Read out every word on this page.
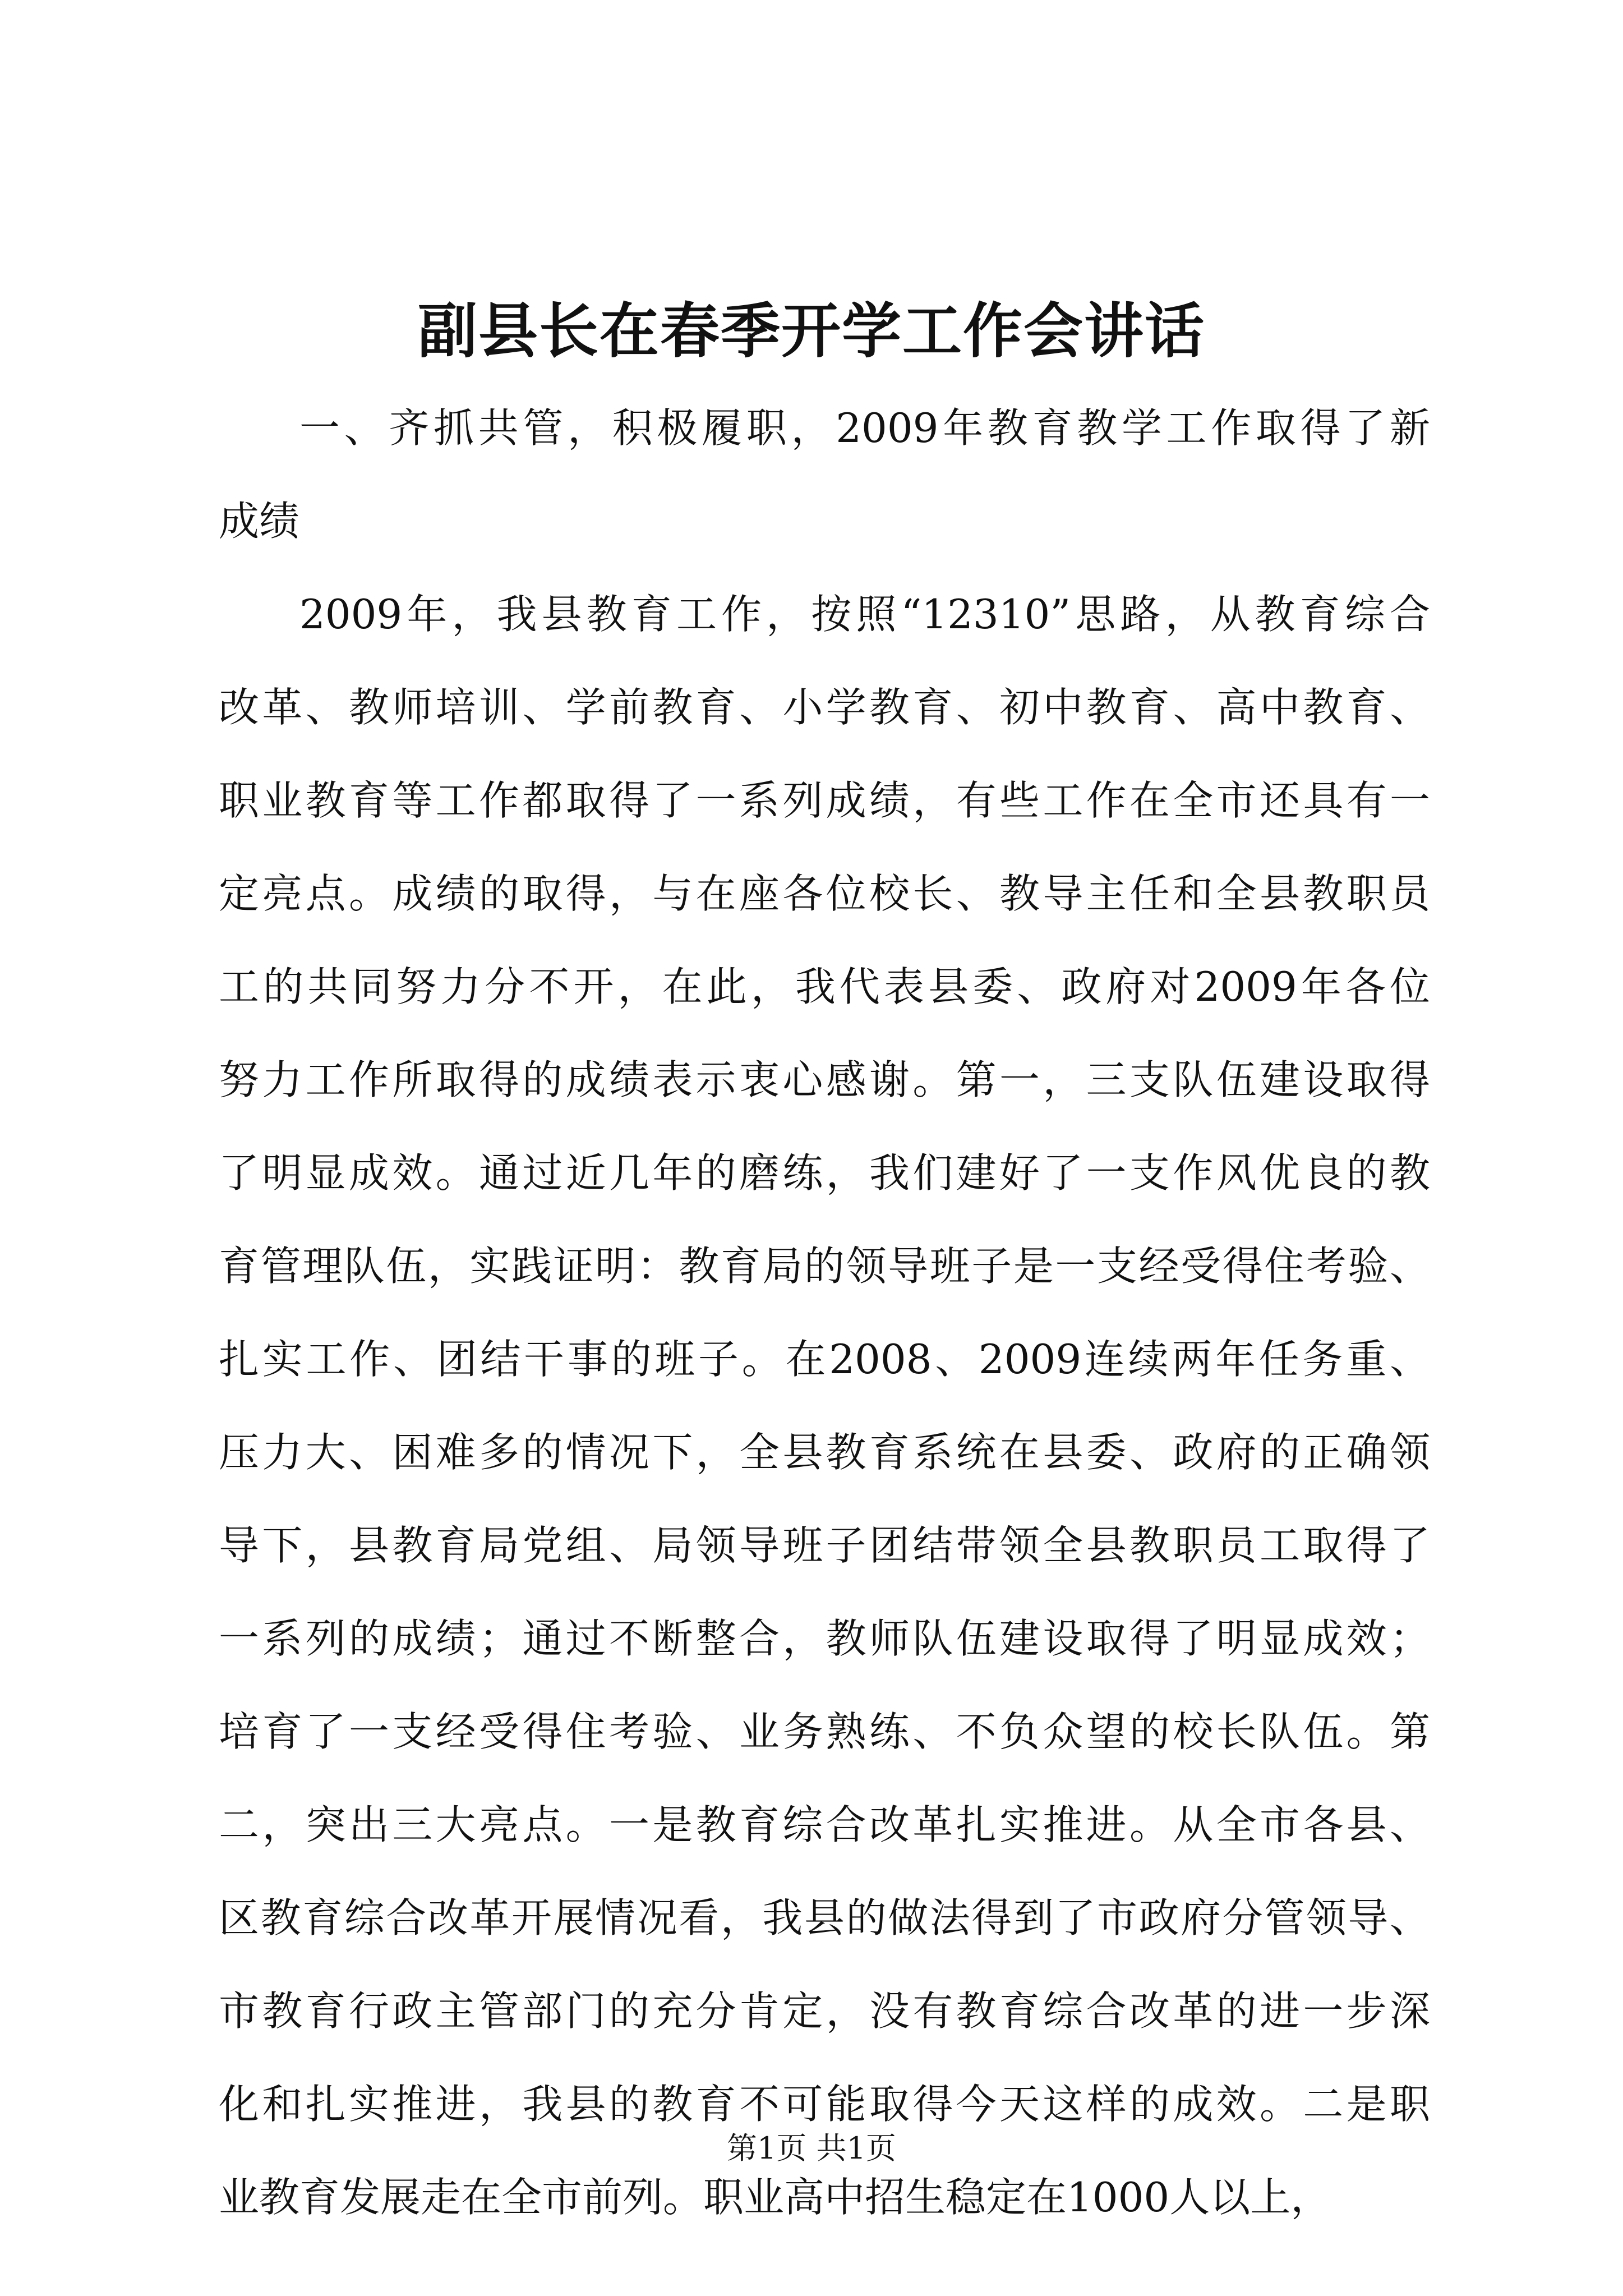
副县长在春季开学工作会讲话
一、齐抓共管，积极履职，2009年教育教学工作取得了新
成绩
2009年，我县教育工作，按照“12310”思路，从教育综合
改革、教师培训、学前教育、小学教育、初中教育、高中教育、
职业教育等工作都取得了一系列成绩，有些工作在全市还具有一
定亮点。成绩的取得，与在座各位校长、教导主任和全县教职员
工的共同努力分不开，在此，我代表县委、政府对2009年各位
努力工作所取得的成绩表示衷心感谢。第一，三支队伍建设取得
了明显成效。通过近几年的磨练，我们建好了一支作风优良的教
育管理队伍，实践证明：教育局的领导班子是一支经受得住考验、
扎实工作、团结干事的班子。在2008、2009连续两年任务重、
压力大、困难多的情况下，全县教育系统在县委、政府的正确领
导下，县教育局党组、局领导班子团结带领全县教职员工取得了
一系列的成绩；通过不断整合，教师队伍建设取得了明显成效；
培育了一支经受得住考验、业务熟练、不负众望的校长队伍。第
二，突出三大亮点。一是教育综合改革扎实推进。从全市各县、
区教育综合改革开展情况看，我县的做法得到了市政府分管领导、
市教育行政主管部门的充分肯定，没有教育综合改革的进一步深
化和扎实推进，我县的教育不可能取得今天这样的成效。二是职
业教育发展走在全市前列。职业高中招生稳定在1000人以上，
第1页 共1页
